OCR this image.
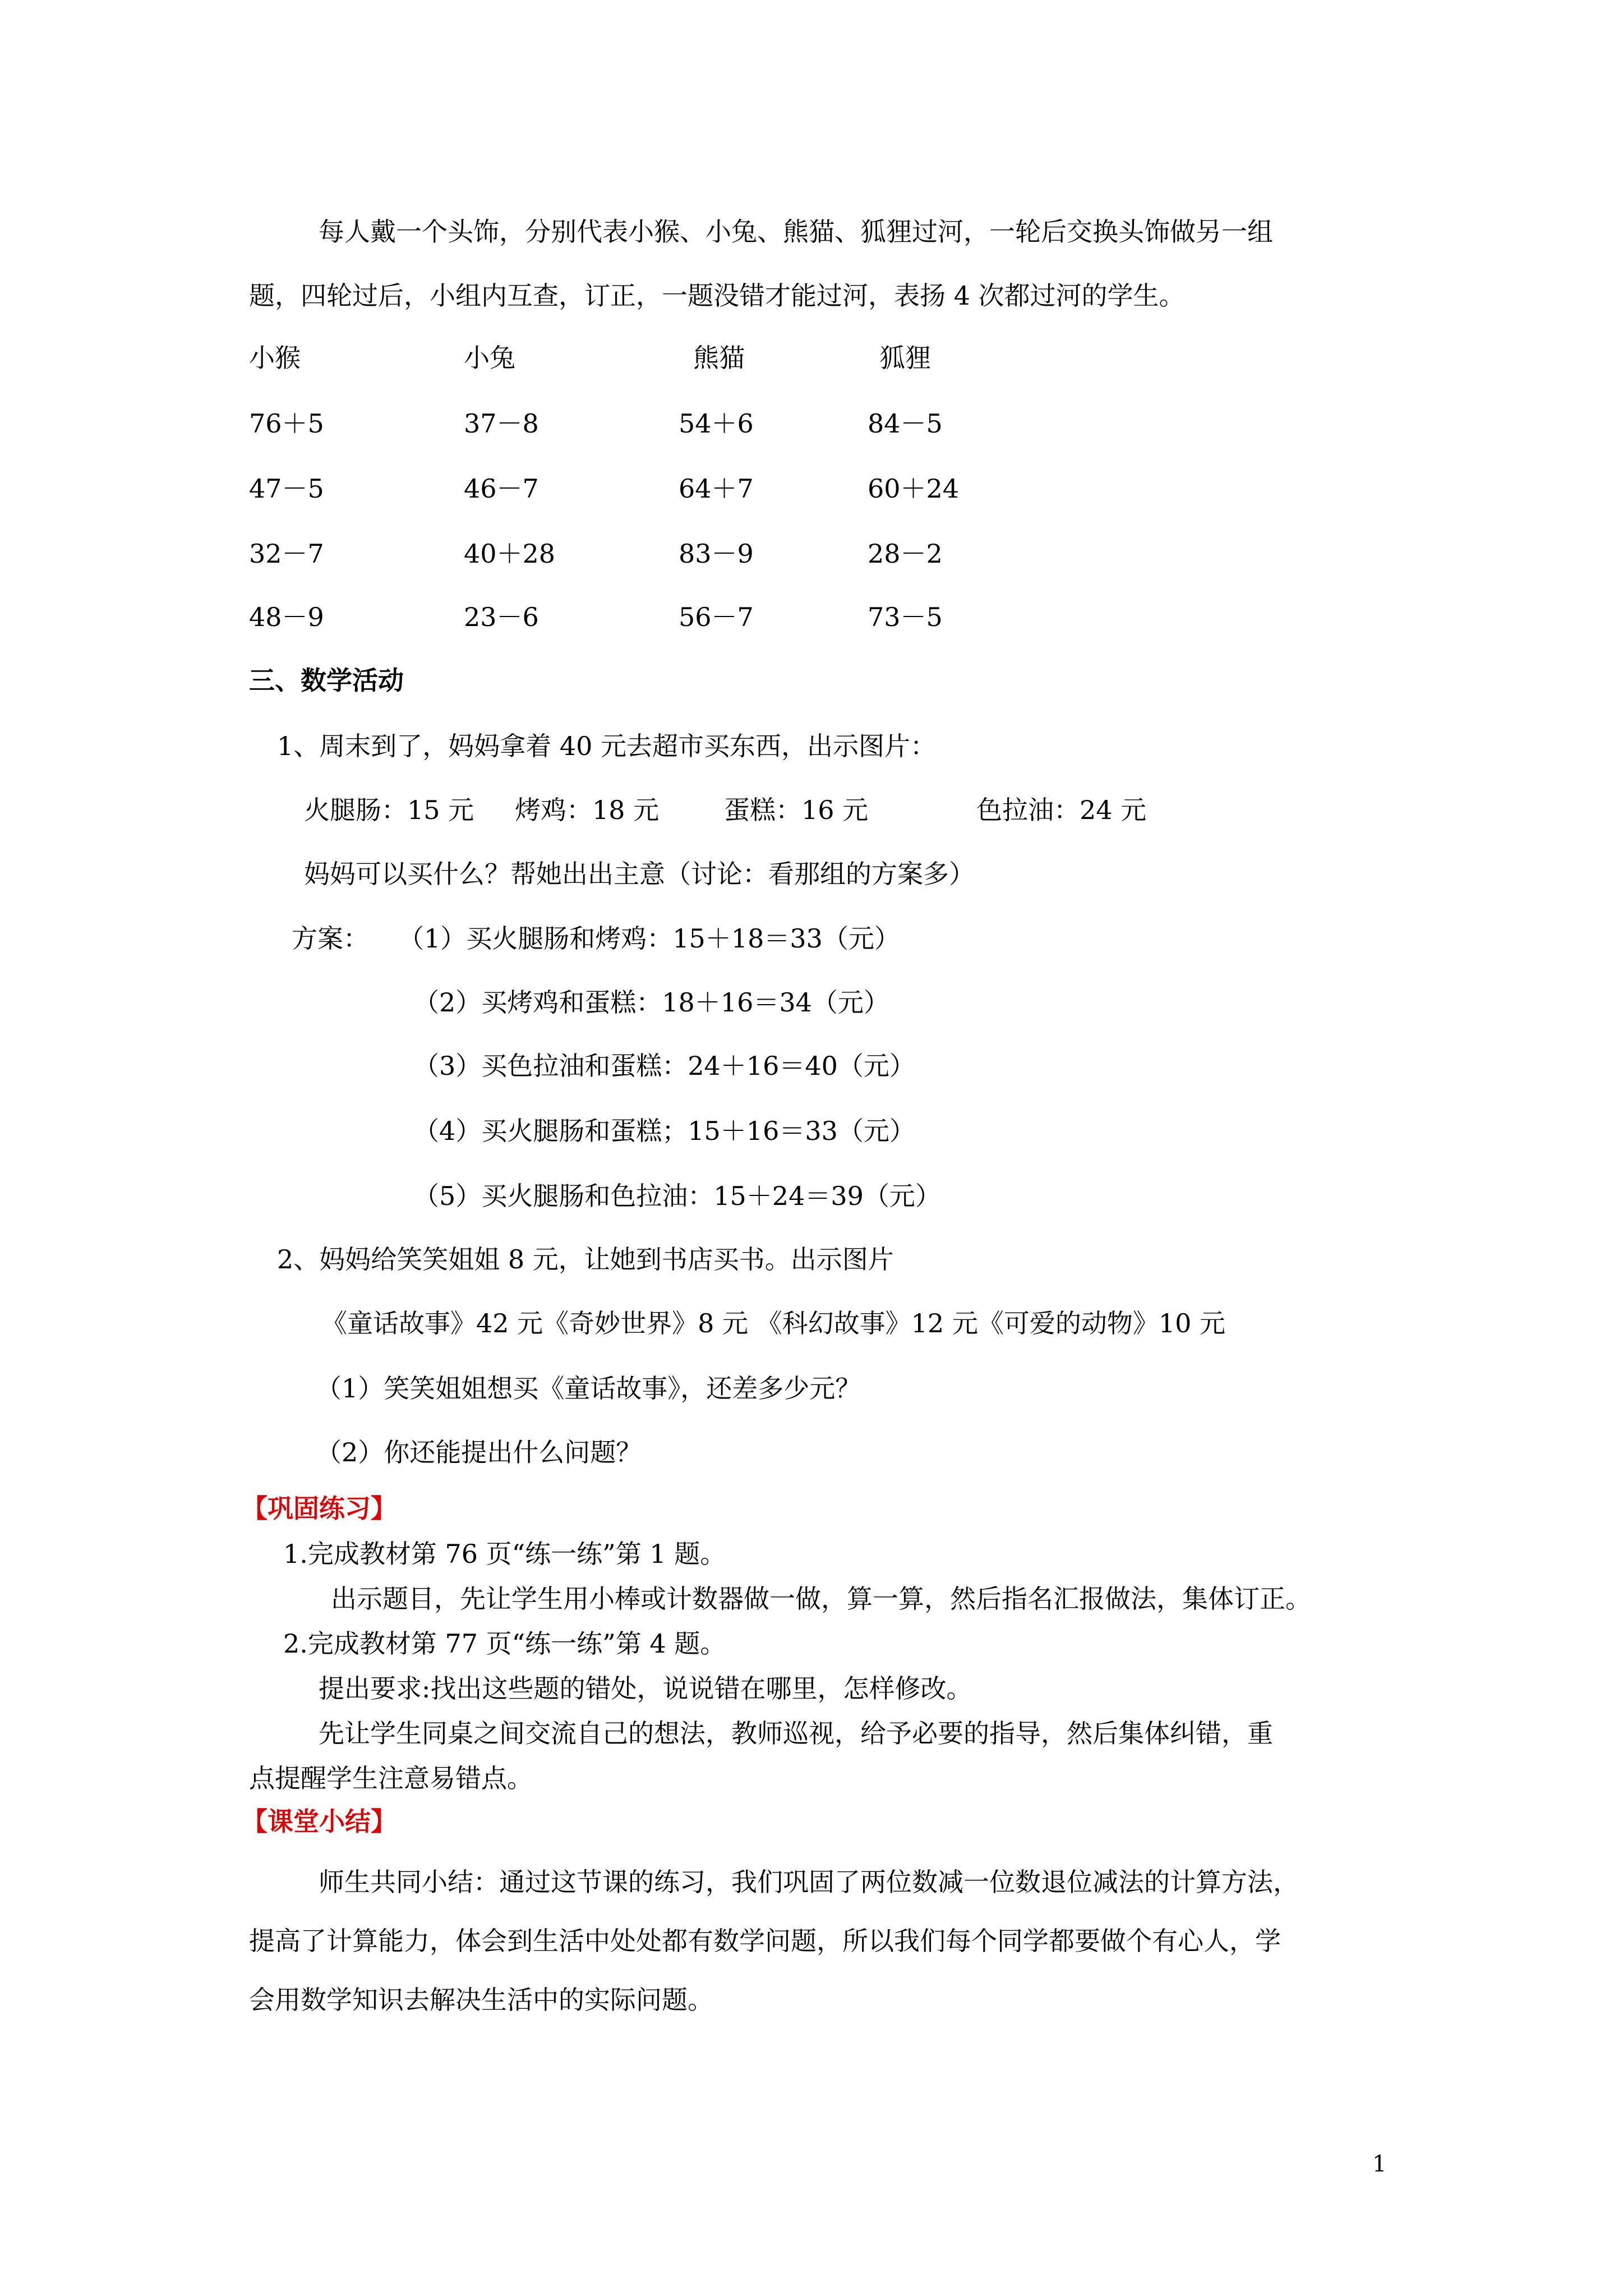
每人戴一个头饰，分别代表小猴、小兔、熊猫、狐狸过河，一轮后交换头饰做另一组
题，四轮过后，小组内互查，订正，一题没错才能过河，表扬 4 次都过河的学生。
小猴	小兔	熊猫	狐狸
76＋5	37－8	54＋6	84－5
47－5	46－7	64＋7	60＋24
32－7	40＋28	83－9	28－2
48－9	23－6	56－7	73－5
三、数学活动
1、周末到了，妈妈拿着 40 元去超市买东西，出示图片：
火腿肠：15 元 烤鸡：18 元	蛋糕：16 元	色拉油：24 元
妈妈可以买什么？帮她出出主意（讨论：看那组的方案多）
方案： （1）买火腿肠和烤鸡：15＋18＝33（元）
（2）买烤鸡和蛋糕：18＋16＝34（元）
（3）买色拉油和蛋糕：24＋16＝40（元）
（4）买火腿肠和蛋糕；15＋16＝33（元）
（5）买火腿肠和色拉油：15＋24＝39（元）
2、妈妈给笑笑姐姐 8 元，让她到书店买书。出示图片
《童话故事》42 元《奇妙世界》8 元 《科幻故事》12 元《可爱的动物》10 元
（1）笑笑姐姐想买《童话故事》，还差多少元？
（2）你还能提出什么问题？
【巩固练习】
1.完成教材第 76 页“练一练”第 1 题。
出示题目，先让学生用小棒或计数器做一做，算一算，然后指名汇报做法，集体订正。
2.完成教材第 77 页“练一练”第 4 题。
提出要求:找出这些题的错处，说说错在哪里，怎样修改。
先让学生同桌之间交流自己的想法，教师巡视，给予必要的指导，然后集体纠错，重
点提醒学生注意易错点。
【课堂小结】
师生共同小结：通过这节课的练习，我们巩固了两位数减一位数退位减法的计算方法，
提高了计算能力，体会到生活中处处都有数学问题，所以我们每个同学都要做个有心人，学
会用数学知识去解决生活中的实际问题。
1
